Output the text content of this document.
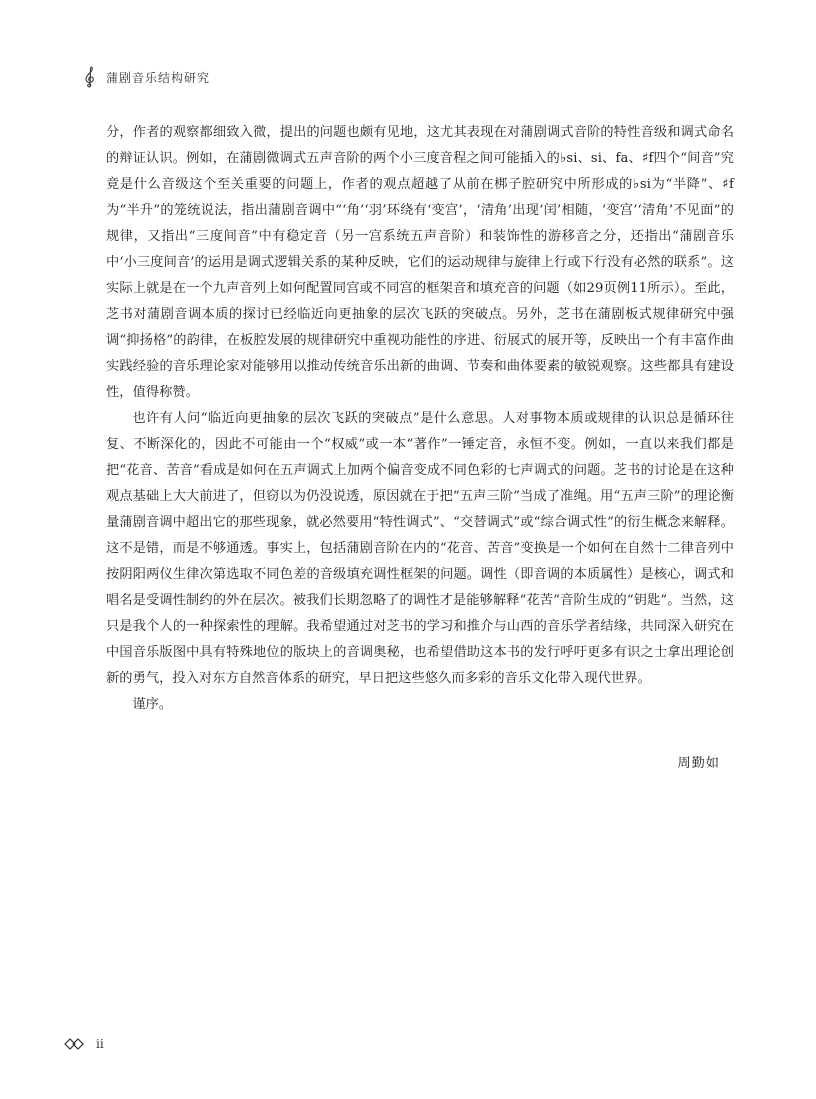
蒲剧音乐结构研究

分，作者的观察都细致入微，提出的问题也颇有见地，这尤其表现在对蒲剧调式音阶的特性音级和调式命名的辩证认识。例如，在蒲剧微调式五声音阶的两个小三度音程之间可能插入的♭si、si、fa、♯f四个“间音”究竟是什么音级这个至关重要的问题上，作者的观点超越了从前在梆子腔研究中所形成的♭si为“半降”、♯f为“半升”的笼统说法，指出蒲剧音调中“‘角’‘羽’环绕有‘变宫’，‘清角’出现‘闰’相随，‘变宫’‘清角’不见面”的规律，又指出“三度间音”中有稳定音（另一宫系统五声音阶）和装饰性的游移音之分，还指出“蒲剧音乐中‘小三度间音’的运用是调式逻辑关系的某种反映，它们的运动规律与旋律上行或下行没有必然的联系”。这实际上就是在一个九声音列上如何配置同宫或不同宫的框架音和填充音的问题（如29页例11所示）。至此，芝书对蒲剧音调本质的探讨已经临近向更抽象的层次飞跃的突破点。另外，芝书在蒲剧板式规律研究中强调“抑扬格”的韵律，在板腔发展的规律研究中重视功能性的序进、衍展式的展开等，反映出一个有丰富作曲实践经验的音乐理论家对能够用以推动传统音乐出新的曲调、节奏和曲体要素的敏锐观察。这些都具有建设性，值得称赞。

也许有人问“临近向更抽象的层次飞跃的突破点”是什么意思。人对事物本质或规律的认识总是循环往复、不断深化的，因此不可能由一个“权威”或一本“著作”一锤定音，永恒不变。例如，一直以来我们都是把“花音、苦音”看成是如何在五声调式上加两个偏音变成不同色彩的七声调式的问题。芝书的讨论是在这种观点基础上大大前进了，但窃以为仍没说透，原因就在于把“五声三阶”当成了准绳。用“五声三阶”的理论衡量蒲剧音调中超出它的那些现象，就必然要用“特性调式”、“交替调式”或“综合调式性”的衍生概念来解释。这不是错，而是不够通透。事实上，包括蒲剧音阶在内的“花音、苦音”变换是一个如何在自然十二律音列中按阴阳两仪生律次第选取不同色差的音级填充调性框架的问题。调性（即音调的本质属性）是核心，调式和唱名是受调性制约的外在层次。被我们长期忽略了的调性才是能够解释“花苦”音阶生成的“钥匙”。当然，这只是我个人的一种探索性的理解。我希望通过对芝书的学习和推介与山西的音乐学者结缘，共同深入研究在中国音乐版图中具有特殊地位的版块上的音调奥秘，也希望借助这本书的发行呼吁更多有识之士拿出理论创新的勇气，投入对东方自然音体系的研究，早日把这些悠久而多彩的音乐文化带入现代世界。

谨序。

周勤如
ii
